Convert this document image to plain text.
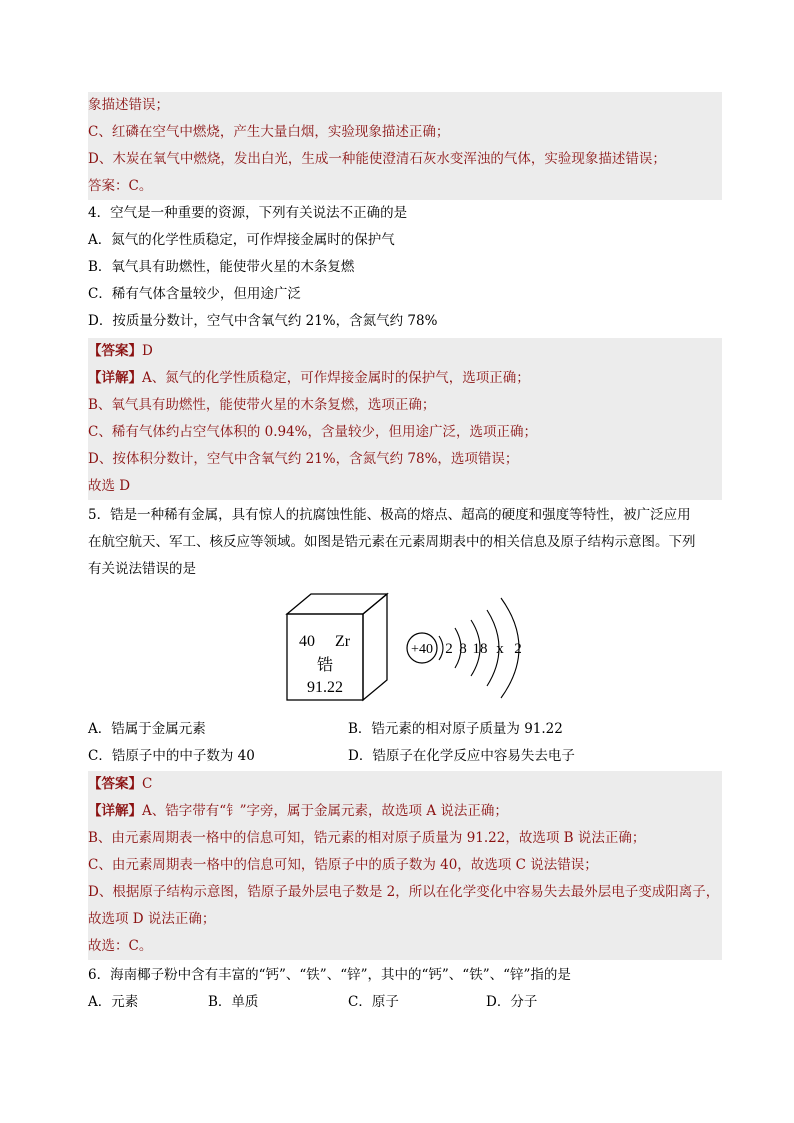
象描述错误；
C、红磷在空气中燃烧，产生大量白烟，实验现象描述正确；
D、木炭在氧气中燃烧，发出白光，生成一种能使澄清石灰水变浑浊的气体，实验现象描述错误；
答案：C。
4．空气是一种重要的资源，下列有关说法不正确的是
A．氮气的化学性质稳定，可作焊接金属时的保护气
B．氧气具有助燃性，能使带火星的木条复燃
C．稀有气体含量较少，但用途广泛
D．按质量分数计，空气中含氧气约 21%，含氮气约 78%
【答案】D
【详解】A、氮气的化学性质稳定，可作焊接金属时的保护气，选项正确；
B、氧气具有助燃性，能使带火星的木条复燃，选项正确；
C、稀有气体约占空气体积的 0.94%，含量较少，但用途广泛，选项正确；
D、按体积分数计，空气中含氧气约 21%，含氮气约 78%，选项错误；
故选 D
5．锆是一种稀有金属，具有惊人的抗腐蚀性能、极高的熔点、超高的硬度和强度等特性，被广泛应用
在航空航天、军工、核反应等领域。如图是锆元素在元素周期表中的相关信息及原子结构示意图。下列
有关说法错误的是
40 Zr
锆
91.22
+40 2 8 18 x 2
A．锆属于金属元素	B．锆元素的相对原子质量为 91.22
C．锆原子中的中子数为 40	D．锆原子在化学反应中容易失去电子
【答案】C
【详解】A、锆字带有“钅”字旁，属于金属元素，故选项 A 说法正确；
B、由元素周期表一格中的信息可知，锆元素的相对原子质量为 91.22，故选项 B 说法正确；
C、由元素周期表一格中的信息可知，锆原子中的质子数为 40，故选项 C 说法错误；
D、根据原子结构示意图，锆原子最外层电子数是 2，所以在化学变化中容易失去最外层电子变成阳离子，
故选项 D 说法正确；
故选：C。
6．海南椰子粉中含有丰富的“钙”、“铁”、“锌”，其中的“钙”、“铁”、“锌”指的是
A．元素	B．单质	C．原子	D．分子
